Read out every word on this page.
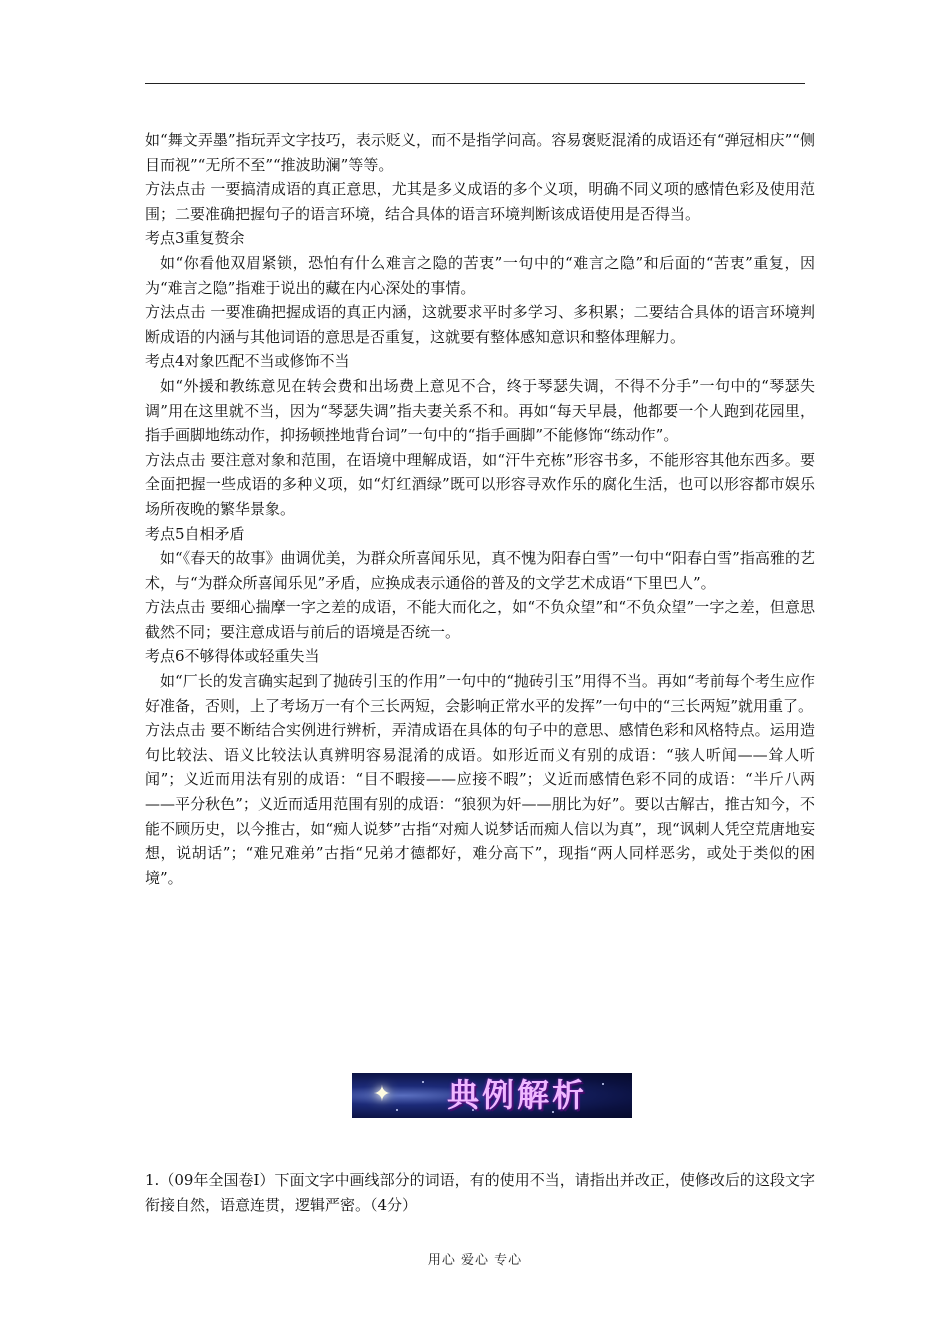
如“舞文弄墨”指玩弄文字技巧，表示贬义，而不是指学问高。容易褒贬混淆的成语还有“弹冠相庆”“侧目而视”“无所不至”“推波助澜”等等。

方法点击 一要搞清成语的真正意思，尤其是多义成语的多个义项，明确不同义项的感情色彩及使用范围；二要准确把握句子的语言环境，结合具体的语言环境判断该成语使用是否得当。

考点3重复赘余

如“你看他双眉紧锁，恐怕有什么难言之隐的苦衷”一句中的“难言之隐”和后面的“苦衷”重复，因为“难言之隐”指难于说出的藏在内心深处的事情。

方法点击 一要准确把握成语的真正内涵，这就要求平时多学习、多积累；二要结合具体的语言环境判断成语的内涵与其他词语的意思是否重复，这就要有整体感知意识和整体理解力。

考点4对象匹配不当或修饰不当

如“外援和教练意见在转会费和出场费上意见不合，终于琴瑟失调，不得不分手”一句中的“琴瑟失调”用在这里就不当，因为“琴瑟失调”指夫妻关系不和。再如“每天早晨，他都要一个人跑到花园里，指手画脚地练动作，抑扬顿挫地背台词”一句中的“指手画脚”不能修饰“练动作”。

方法点击 要注意对象和范围，在语境中理解成语，如“汗牛充栋”形容书多，不能形容其他东西多。要全面把握一些成语的多种义项，如“灯红酒绿”既可以形容寻欢作乐的腐化生活，也可以形容都市娱乐场所夜晚的繁华景象。

考点5自相矛盾

如“《春天的故事》曲调优美，为群众所喜闻乐见，真不愧为阳春白雪”一句中“阳春白雪”指高雅的艺术，与“为群众所喜闻乐见”矛盾，应换成表示通俗的普及的文学艺术成语“下里巴人”。

方法点击 要细心揣摩一字之差的成语，不能大而化之，如“不负众望”和“不负众望”一字之差，但意思截然不同；要注意成语与前后的语境是否统一。

考点6不够得体或轻重失当

如“厂长的发言确实起到了抛砖引玉的作用”一句中的“抛砖引玉”用得不当。再如“考前每个考生应作好准备，否则，上了考场万一有个三长两短，会影响正常水平的发挥”一句中的“三长两短”就用重了。

方法点击 要不断结合实例进行辨析，弄清成语在具体的句子中的意思、感情色彩和风格特点。运用造句比较法、语义比较法认真辨明容易混淆的成语。如形近而义有别的成语：“骇人听闻——耸人听闻”；义近而用法有别的成语：“目不暇接——应接不暇”；义近而感情色彩不同的成语：“半斤八两——平分秋色”；义近而适用范围有别的成语：“狼狈为奸——朋比为好”。要以古解古，推古知今，不能不顾历史，以今推古，如“痴人说梦”古指“对痴人说梦话而痴人信以为真”，现“讽刺人凭空荒唐地妄想，说胡话”；“难兄难弟”古指“兄弟才德都好，难分高下”，现指“两人同样恶劣，或处于类似的困境”。

✦	典例解析

1.（09年全国卷Ⅰ）下面文字中画线部分的词语，有的使用不当，请指出并改正，使修改后的这段文字衔接自然，语意连贯，逻辑严密。（4分）

用心 爱心 专心
